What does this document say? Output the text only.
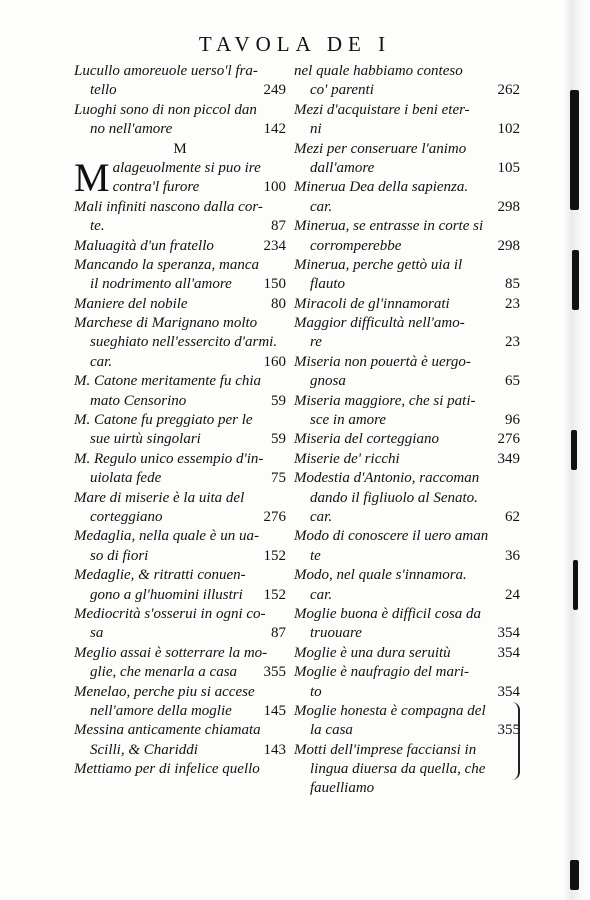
TAVOLA DE I
Lucullo amoreuole uerso'l fra-
tello	249
Luoghi sono di non piccol dan
no nell'amore	142
M
M alageuolmente si puo ire
contra'l furore	100
Mali infiniti nascono dalla cor-
te.	87
Maluagità d'un fratello	234
Mancando la speranza, manca
il nodrimento all'amore 150
Maniere del nobile	80
Marchese di Marignano molto
sueghiato nell'essercito d'armi.
car.	160
M. Catone meritamente fu chia
mato Censorino	59
M. Catone fu preggiato per le
sue uirtù singolari	59
M. Regulo unico essempio d'in-
uiolata fede	75
Mare di miserie è la uita del
corteggiano	276
Medaglia, nella quale è un ua-
so di fiori	152
Medaglie, & ritratti conuen-
gono a gl'huomini illustri 152
Mediocrità s'osserui in ogni co-
sa	87
Meglio assai è sotterrare la mo-
glie, che menarla a casa 355
Menelao, perche piu si accese
nell'amore della moglie 145
Messina anticamente chiamata
Scilli, & Chariddi	143
Mettiamo per di infelice quello
nel quale habbiamo conteso
co' parenti	262
Mezi d'acquistare i beni eter-
ni	102
Mezi per conseruare l'animo
dall'amore	105
Minerua Dea della sapienza.
car.	298
Minerua, se entrasse in corte si
corromperebbe	298
Minerua, perche gettò uia il
flauto	85
Miracoli de gl'innamorati	23
Maggior difficultà nell'amo-
re	23
Miseria non pouertà è uergo-
gnosa	65
Miseria maggiore, che si pati-
sce in amore	96
Miseria del corteggiano	276
Miserie de' ricchi	349
Modestia d'Antonio, raccoman
dando il figliuolo al Senato.
car.	62
Modo di conoscere il uero aman
te	36
Modo, nel quale s'innamora.
car.	24
Moglie buona è difficil cosa da
truouare	354
Moglie è una dura seruitù	354
Moglie è naufragio del mari-
to	354
Moglie honesta è compagna del
la casa	355
Motti dell'imprese facciansi in
lingua diuersa da quella, che
fauelliamo
